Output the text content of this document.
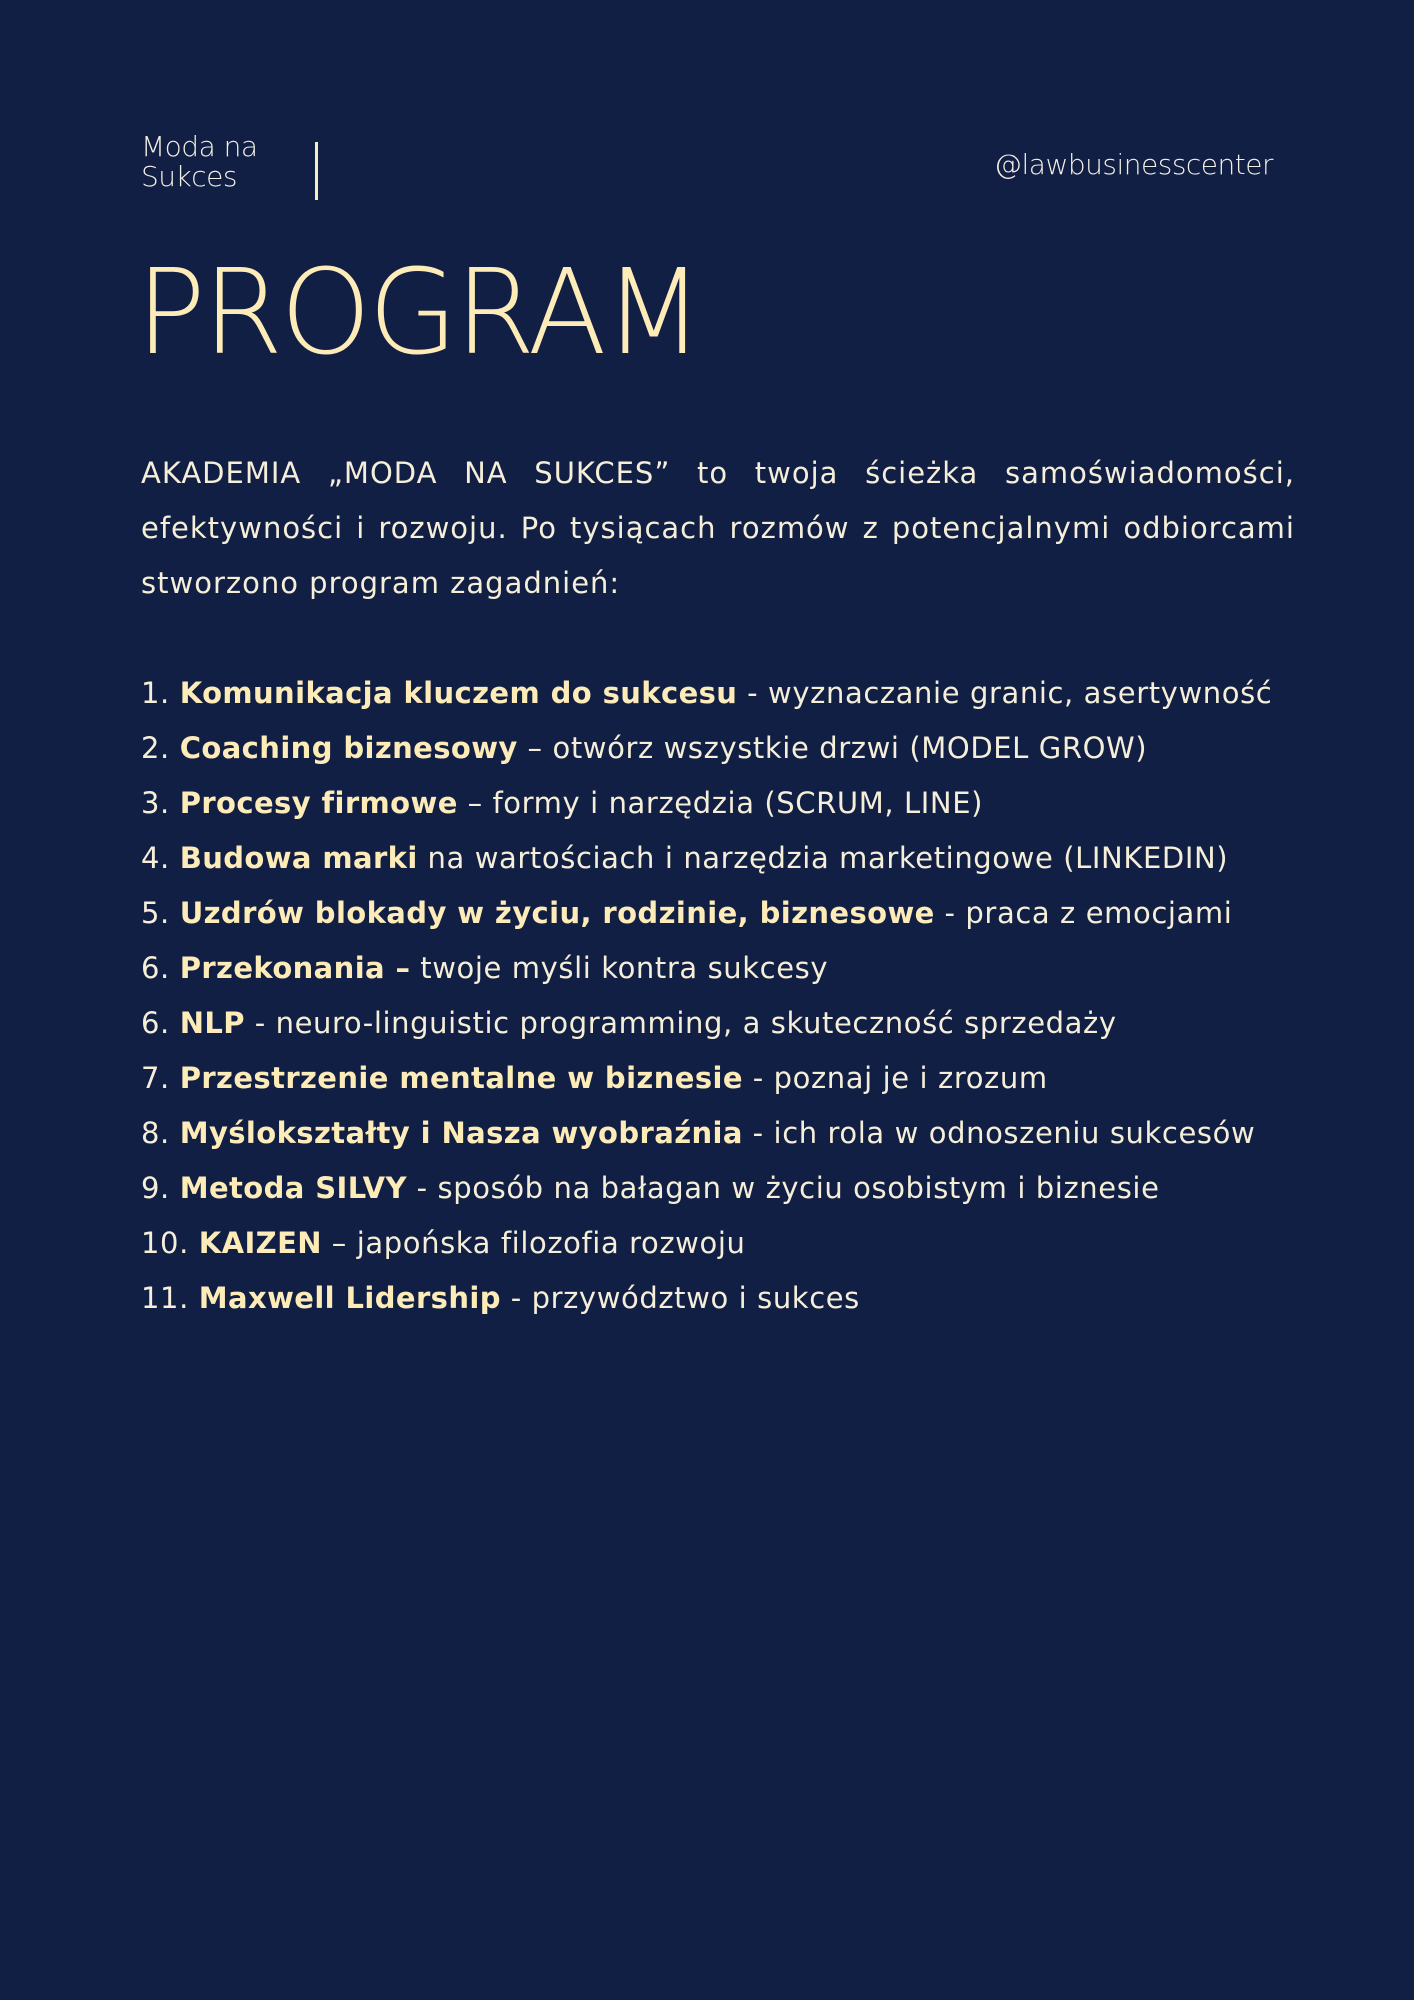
Moda na
Sukces	@lawbusinesscenter
PROGRAM

AKADEMIA „MODA NA SUKCES” to twoja ścieżka samoświadomości, efektywności i rozwoju. Po tysiącach rozmów z potencjalnymi odbiorcami stworzono program zagadnień:

1. Komunikacja kluczem do sukcesu - wyznaczanie granic, asertywność
2. Coaching biznesowy – otwórz wszystkie drzwi (MODEL GROW)
3. Procesy firmowe – formy i narzędzia (SCRUM, LINE)
4. Budowa marki na wartościach i narzędzia marketingowe (LINKEDIN)
5. Uzdrów blokady w życiu, rodzinie, biznesowe - praca z emocjami
6. Przekonania – twoje myśli kontra sukcesy
6. NLP - neuro-linguistic programming, a skuteczność sprzedaży
7. Przestrzenie mentalne w biznesie - poznaj je i zrozum
8. Myślokształty i Nasza wyobraźnia - ich rola w odnoszeniu sukcesów
9. Metoda SILVY - sposób na bałagan w życiu osobistym i biznesie
10. KAIZEN – japońska filozofia rozwoju
11. Maxwell Lidership - przywództwo i sukces
